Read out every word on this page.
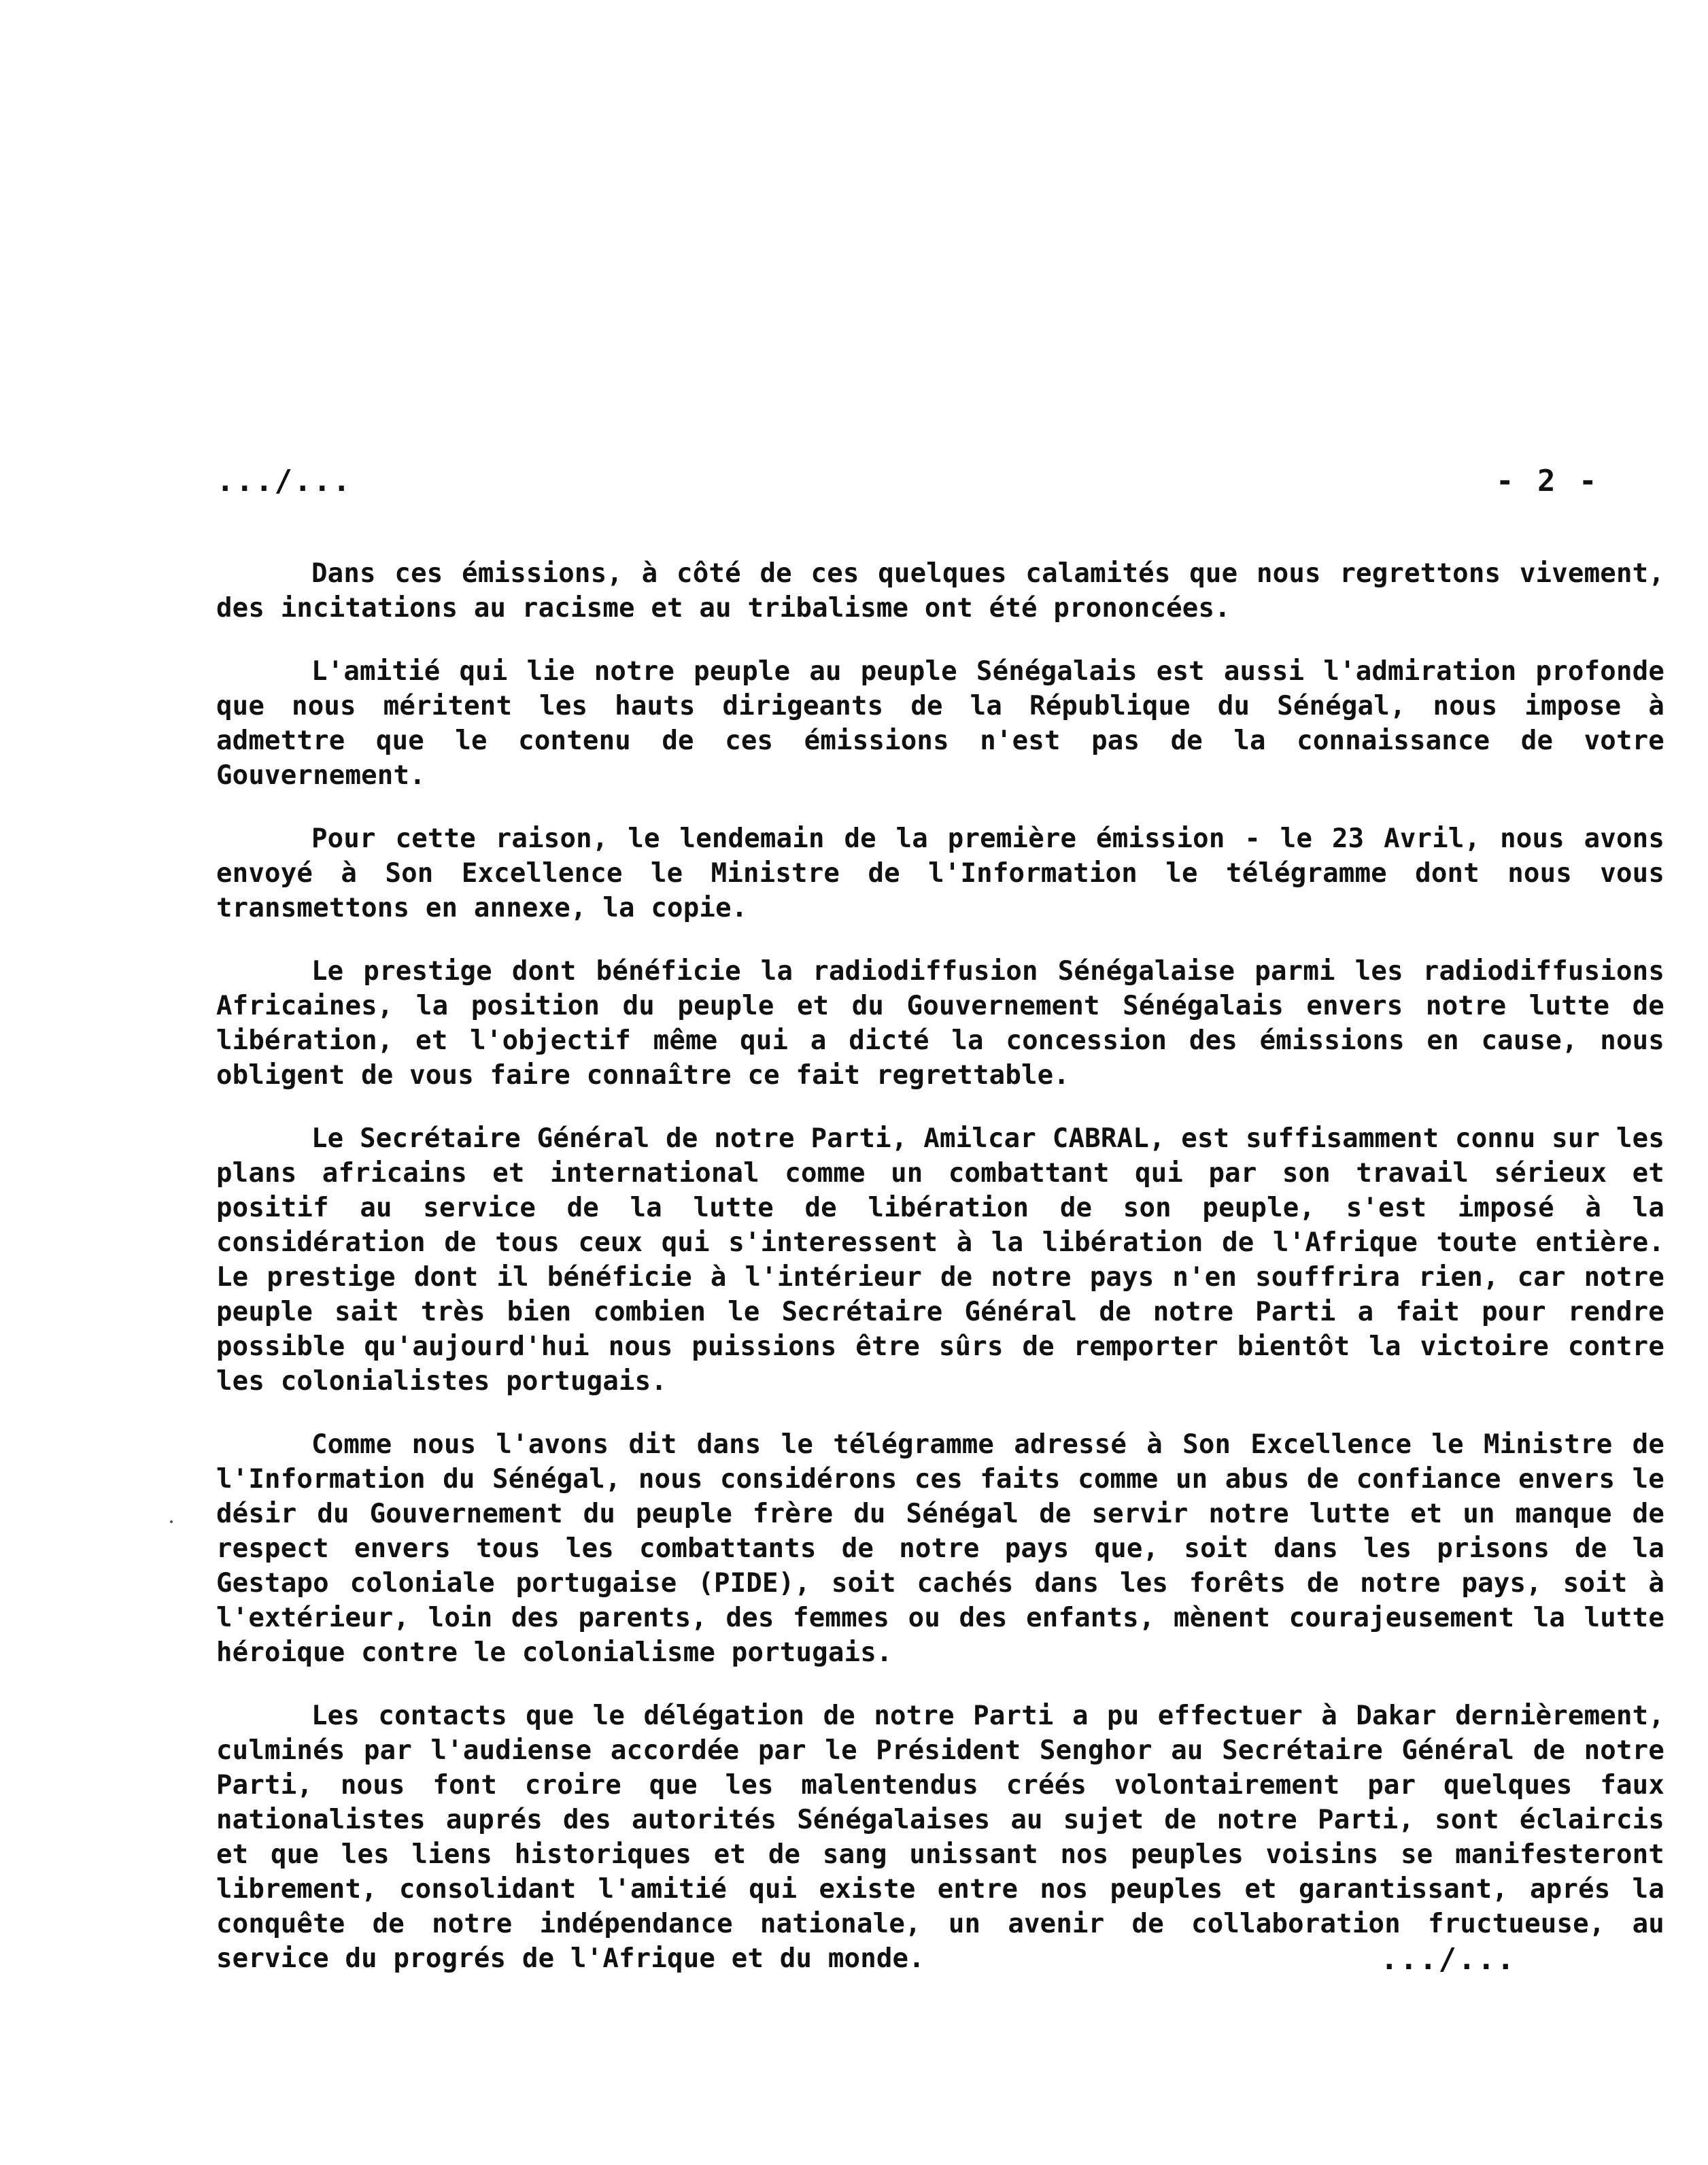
.../...	- 2 -

Dans ces émissions, à côté de ces quelques calamités que nous regrettons vivement, des incitations au racisme et au tribalisme ont été prononcées.

L'amitié qui lie notre peuple au peuple Sénégalais est aussi l'admiration profonde que nous méritent les hauts dirigeants de la République du Sénégal, nous impose à admettre que le contenu de ces émissions n'est pas de la connaissance de votre Gouvernement.

Pour cette raison, le lendemain de la première émission - le 23 Avril, nous avons envoyé à Son Excellence le Ministre de l'Information le télégramme dont nous vous transmettons en annexe, la copie.

Le prestige dont bénéficie la radiodiffusion Sénégalaise parmi les radiodiffusions Africaines, la position du peuple et du Gouvernement Sénégalais envers notre lutte de libération, et l'objectif même qui a dicté la concession des émissions en cause, nous obligent de vous faire connaître ce fait regrettable.

Le Secrétaire Général de notre Parti, Amilcar CABRAL, est suffisamment connu sur les plans africains et international comme un combattant qui par son travail sérieux et positif au service de la lutte de libération de son peuple, s'est imposé à la considération de tous ceux qui s'interessent à la libération de l'Afrique toute entière. Le prestige dont il bénéficie à l'intérieur de notre pays n'en souffrira rien, car notre peuple sait très bien combien le Secrétaire Général de notre Parti a fait pour rendre possible qu'aujourd'hui nous puissions être sûrs de remporter bientôt la victoire contre les colonialistes portugais.

Comme nous l'avons dit dans le télégramme adressé à Son Excellence le Ministre de l'Information du Sénégal, nous considérons ces faits comme un abus de confiance envers le désir du Gouvernement du peuple frère du Sénégal de servir notre lutte et un manque de respect envers tous les combattants de notre pays que, soit dans les prisons de la Gestapo coloniale portugaise (PIDE), soit cachés dans les forêts de notre pays, soit à l'extérieur, loin des parents, des femmes ou des enfants, mènent courajeusement la lutte héroique contre le colonialisme portugais.

Les contacts que le délégation de notre Parti a pu effectuer à Dakar dernièrement, culminés par l'audiense accordée par le Président Senghor au Secrétaire Général de notre Parti, nous font croire que les malentendus créés volontairement par quelques faux nationalistes auprés des autorités Sénégalaises au sujet de notre Parti, sont éclaircis et que les liens historiques et de sang unissant nos peuples voisins se manifesteront librement, consolidant l'amitié qui existe entre nos peuples et garantissant, aprés la conquête de notre indépendance nationale, un avenir de collaboration fructueuse, au service du progrés de l'Afrique et du monde.	.../...
